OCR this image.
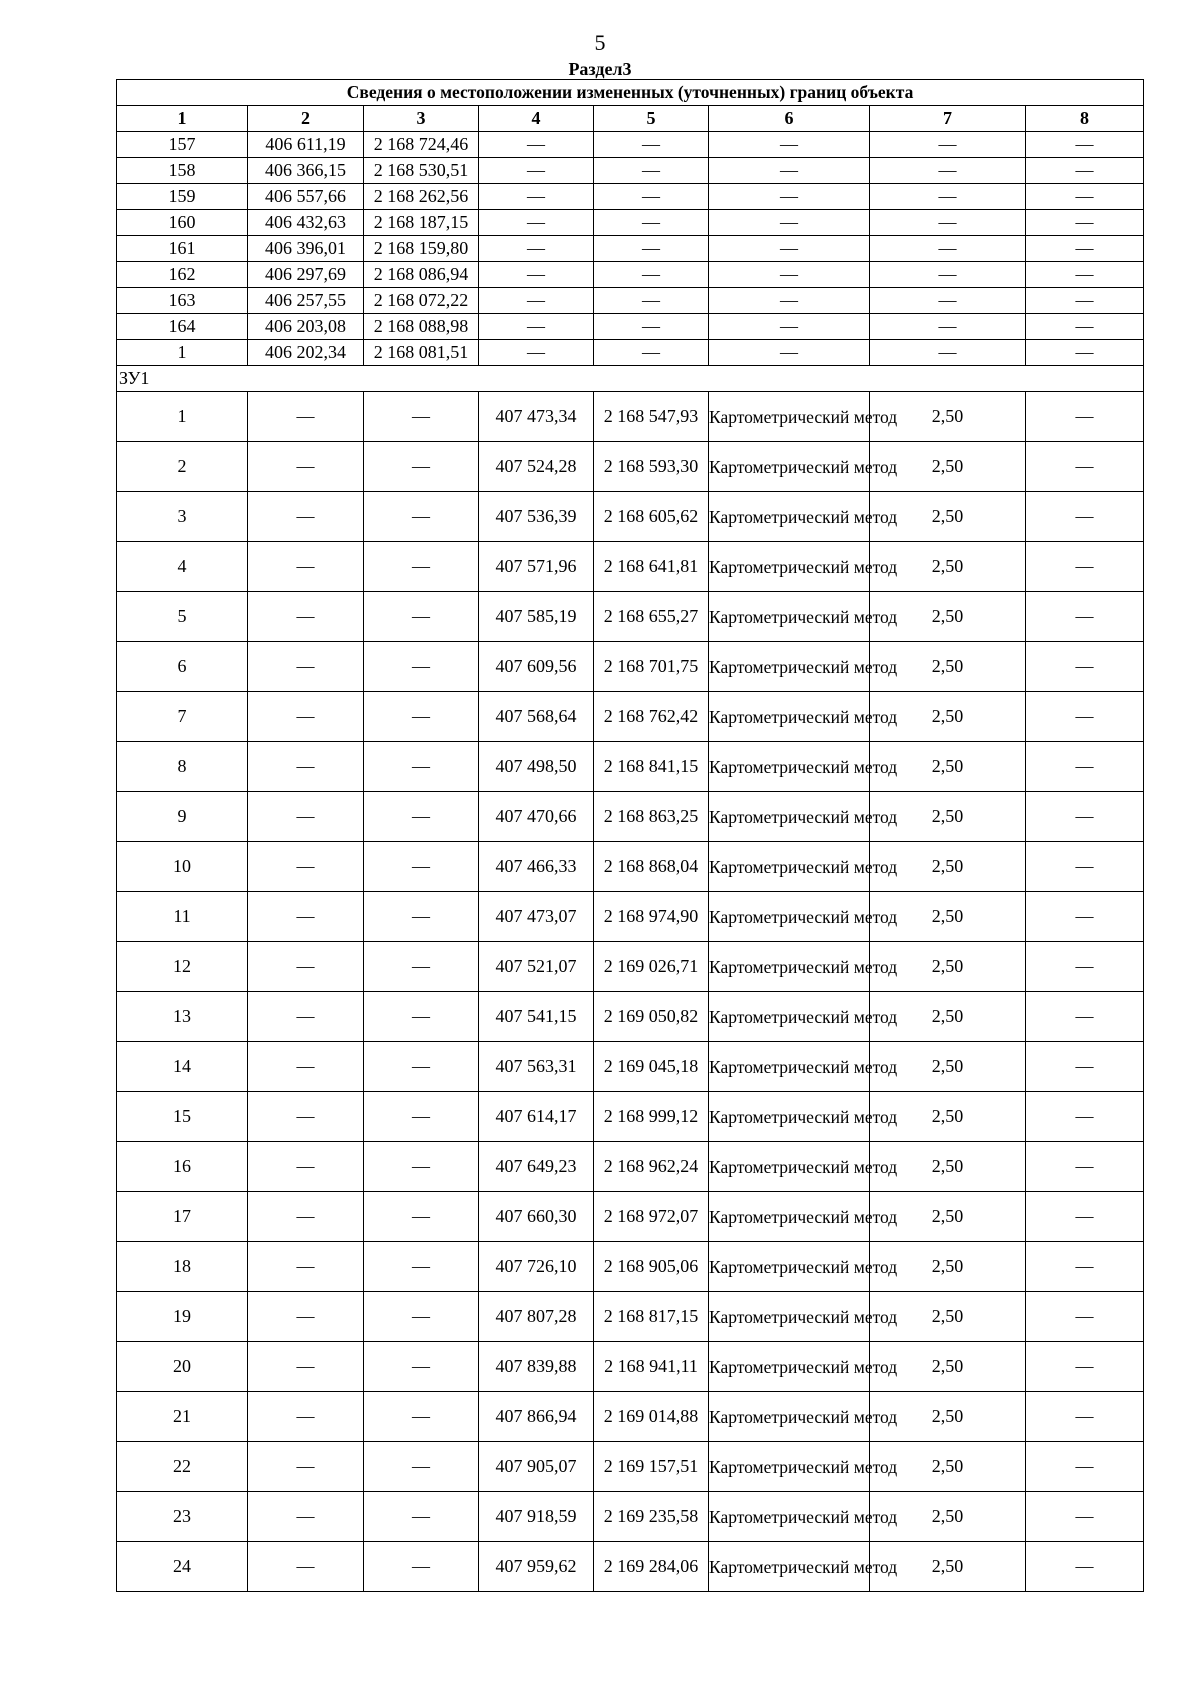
5
Раздел3
Сведения о местоположении измененных (уточненных) границ объекта							
1	2	3	4	5	6	7	8
157	406 611,19	2 168 724,46	—	—	—	—	—
158	406 366,15	2 168 530,51	—	—	—	—	—
159	406 557,66	2 168 262,56	—	—	—	—	—
160	406 432,63	2 168 187,15	—	—	—	—	—
161	406 396,01	2 168 159,80	—	—	—	—	—
162	406 297,69	2 168 086,94	—	—	—	—	—
163	406 257,55	2 168 072,22	—	—	—	—	—
164	406 203,08	2 168 088,98	—	—	—	—	—
1	406 202,34	2 168 081,51	—	—	—	—	—
ЗУ1							
1	—	—	407 473,34	2 168 547,93	Картометрический метод	2,50	—
2	—	—	407 524,28	2 168 593,30	Картометрический метод	2,50	—
3	—	—	407 536,39	2 168 605,62	Картометрический метод	2,50	—
4	—	—	407 571,96	2 168 641,81	Картометрический метод	2,50	—
5	—	—	407 585,19	2 168 655,27	Картометрический метод	2,50	—
6	—	—	407 609,56	2 168 701,75	Картометрический метод	2,50	—
7	—	—	407 568,64	2 168 762,42	Картометрический метод	2,50	—
8	—	—	407 498,50	2 168 841,15	Картометрический метод	2,50	—
9	—	—	407 470,66	2 168 863,25	Картометрический метод	2,50	—
10	—	—	407 466,33	2 168 868,04	Картометрический метод	2,50	—
11	—	—	407 473,07	2 168 974,90	Картометрический метод	2,50	—
12	—	—	407 521,07	2 169 026,71	Картометрический метод	2,50	—
13	—	—	407 541,15	2 169 050,82	Картометрический метод	2,50	—
14	—	—	407 563,31	2 169 045,18	Картометрический метод	2,50	—
15	—	—	407 614,17	2 168 999,12	Картометрический метод	2,50	—
16	—	—	407 649,23	2 168 962,24	Картометрический метод	2,50	—
17	—	—	407 660,30	2 168 972,07	Картометрический метод	2,50	—
18	—	—	407 726,10	2 168 905,06	Картометрический метод	2,50	—
19	—	—	407 807,28	2 168 817,15	Картометрический метод	2,50	—
20	—	—	407 839,88	2 168 941,11	Картометрический метод	2,50	—
21	—	—	407 866,94	2 169 014,88	Картометрический метод	2,50	—
22	—	—	407 905,07	2 169 157,51	Картометрический метод	2,50	—
23	—	—	407 918,59	2 169 235,58	Картометрический метод	2,50	—
24	—	—	407 959,62	2 169 284,06	Картометрический метод	2,50	—
